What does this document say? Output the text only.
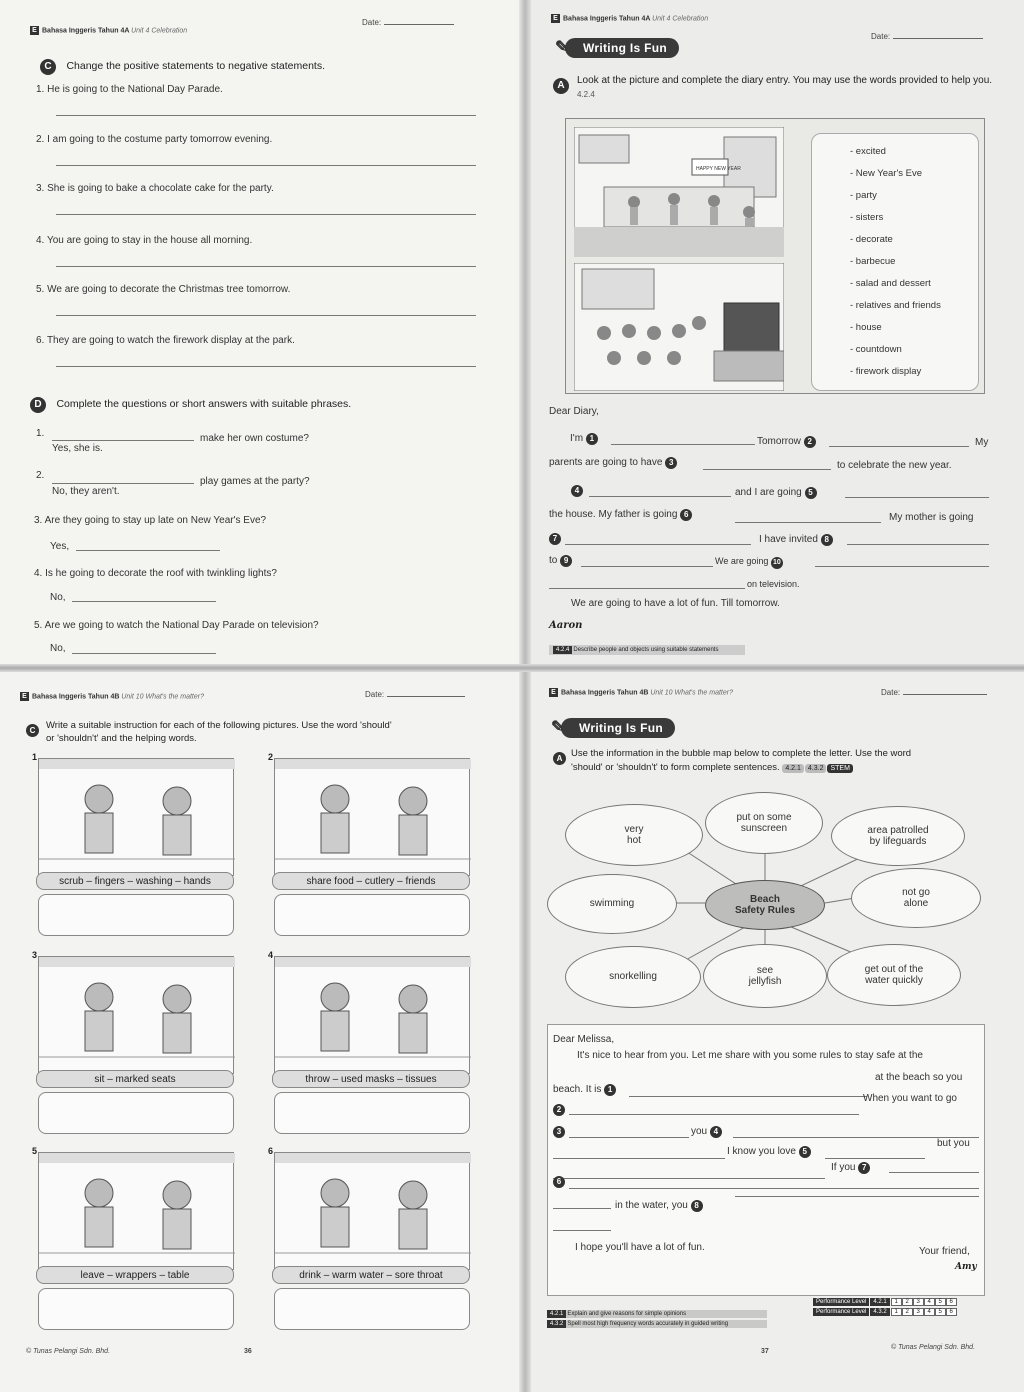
E Bahasa Inggeris Tahun 4A Unit 4 Celebration
Date:
C Change the positive statements to negative statements.
1. He is going to the National Day Parade.
2. I am going to the costume party tomorrow evening.
3. She is going to bake a chocolate cake for the party.
4. You are going to stay in the house all morning.
5. We are going to decorate the Christmas tree tomorrow.
6. They are going to watch the firework display at the park.
D Complete the questions or short answers with suitable phrases.
1.	make her own costume?
Yes, she is.
2.
play games at the party?
No, they aren't.
3. Are they going to stay up late on New Year's Eve?
Yes,
4. Is he going to decorate the roof with twinkling lights?
No,
5. Are we going to watch the National Day Parade on television?
No,
E Bahasa Inggeris Tahun 4A Unit 4 Celebration
Date:
✎ Writing Is Fun
A	Look at the picture and complete the diary entry. You may use the words provided to help you. 4.2.4
HAPPY NEW YEAR
- excited
- New Year's Eve
- party
- sisters
- decorate
- barbecue
- salad and dessert
- relatives and friends
- house
- countdown
- firework display
Dear Diary,
I'm 1	Tomorrow 2	My
parents are going to have 3	to celebrate the new year.
4	and I are going 5
the house. My father is going 6	My mother is going
7	I have invited 8
to 9	We are going 10
on television.
We are going to have a lot of fun. Till tomorrow.
Aaron
4.2.4 Describe people and objects using suitable statements
E Bahasa Inggeris Tahun 4B Unit 10 What's the matter?	Date:
C	Write a suitable instruction for each of the following pictures. Use the word 'should'
or 'shouldn't' and the helping words.
1
scrub – fingers – washing – hands
2
share food – cutlery – friends
3
sit – marked seats
4
throw – used masks – tissues
5
leave – wrappers – table
6
drink – warm water – sore throat
© Tunas Pelangi Sdn. Bhd.	36
E Bahasa Inggeris Tahun 4B Unit 10 What's the matter?	Date:
✎ Writing Is Fun
A Use the information in the bubble map below to complete the letter. Use the word
'should' or 'shouldn't' to form complete sentences. 4.2.1 4.3.2 STEM
Beach
Safety Rules
very
hot
put on some
sunscreen	area patrolled
by lifeguards
swimming
not go
alone
snorkelling
see
jellyfish
get out of the
water quickly
Dear Melissa,
It's nice to hear from you. Let me share with you some rules to stay safe at the
beach. It is 1
at the beach so you
2
When you want to go
3	you 4
I know you love 5
but you
If you 7
6
in the water, you 8
I hope you'll have a lot of fun.	Your friend,
Amy
4.2.1 Explain and give reasons for simple opinions
4.3.2 Spell most high frequency words accurately in guided writing
Performance Level 4.2.1 1 2 3 4 5 6
Performance Level 4.3.2 1 2 3 4 5 6
37
© Tunas Pelangi Sdn. Bhd.
